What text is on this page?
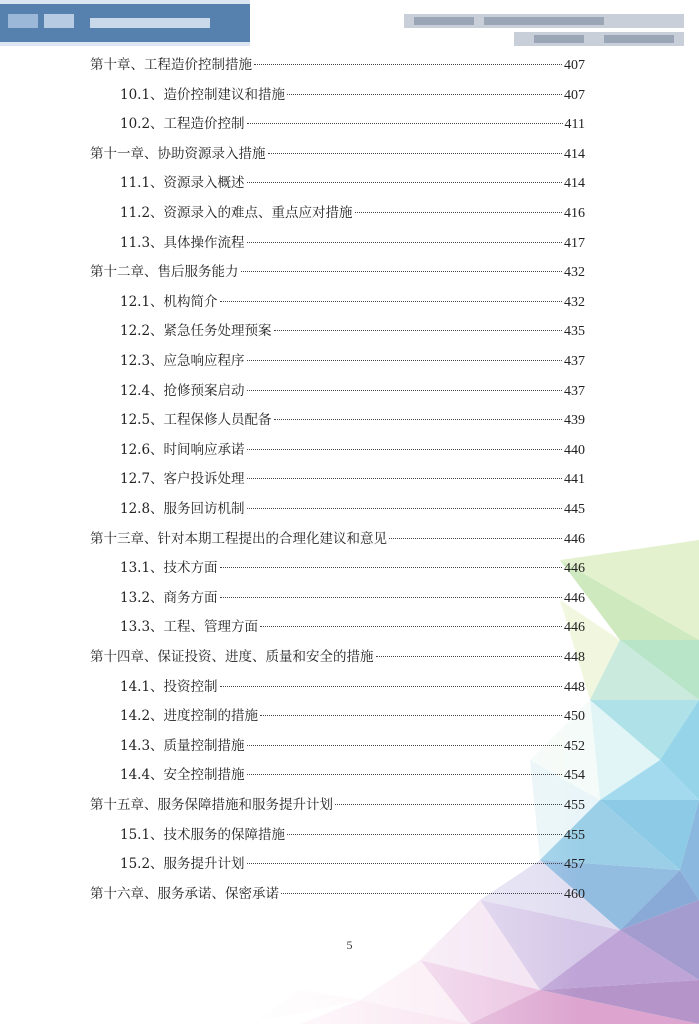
第十章、工程造价控制措施	407
10.1、造价控制建议和措施	407
10.2、工程造价控制	411
第十一章、协助资源录入措施	414
11.1、资源录入概述	414
11.2、资源录入的难点、重点应对措施	416
11.3、具体操作流程	417
第十二章、售后服务能力	432
12.1、机构简介	432
12.2、紧急任务处理预案	435
12.3、应急响应程序	437
12.4、抢修预案启动	437
12.5、工程保修人员配备	439
12.6、时间响应承诺	440
12.7、客户投诉处理	441
12.8、服务回访机制	445
第十三章、针对本期工程提出的合理化建议和意见	446
13.1、技术方面	446
13.2、商务方面	446
13.3、工程、管理方面	446
第十四章、保证投资、进度、质量和安全的措施	448
14.1、投资控制	448
14.2、进度控制的措施	450
14.3、质量控制措施	452
14.4、安全控制措施	454
第十五章、服务保障措施和服务提升计划	455
15.1、技术服务的保障措施	455
15.2、服务提升计划	457
第十六章、服务承诺、保密承诺	460
5
